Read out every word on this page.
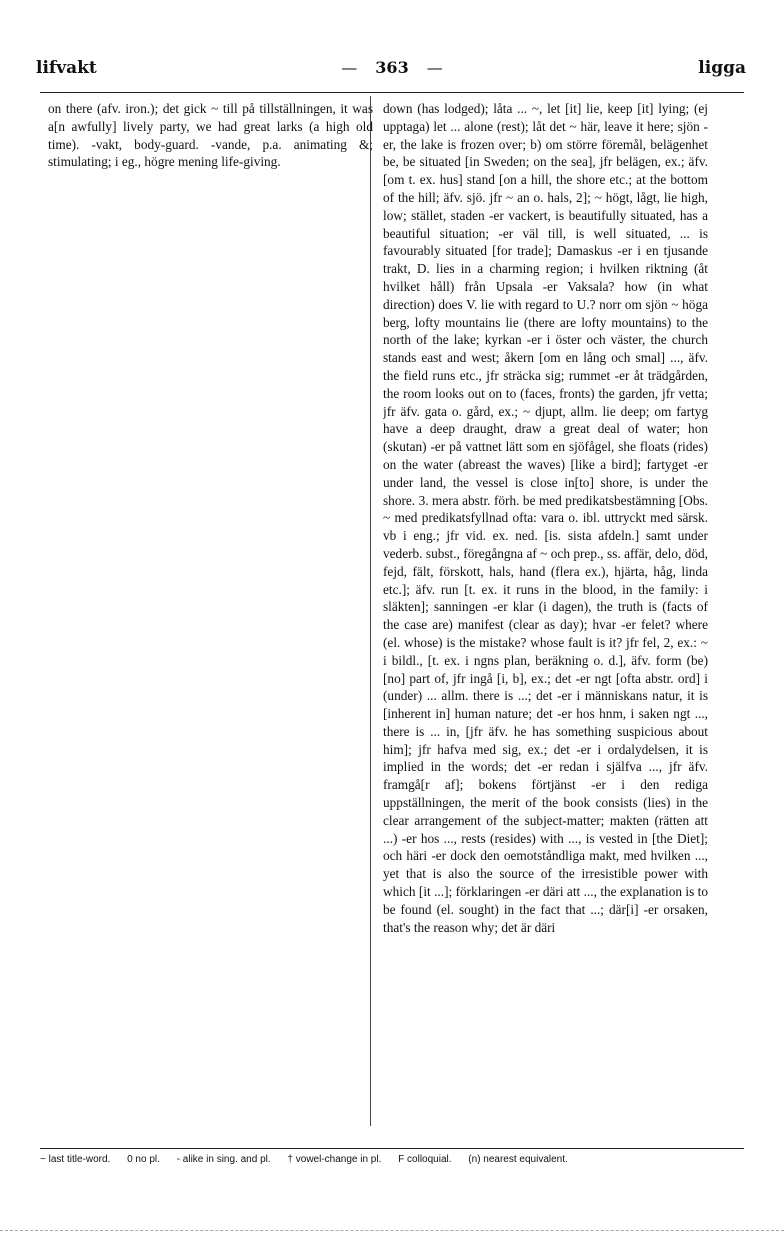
lifvakt	— 363 —	ligga

on there (afv. iron.); det gick ~ till på tillställningen, it was a[n awfully] lively party, we had great larks (a high old time). -vakt, body-guard. -vande, p.a. animating &; stimulating; i eg., högre mening life-giving.

down (has lodged); låta ... ~, let [it] lie, keep [it] lying; (ej upptaga) let ... alone (rest); låt det ~ här, leave it here; sjön -er, the lake is frozen over; b) om större föremål, belägenhet be, be situated [in Sweden; on the sea], jfr belägen, ex.; äfv. [om t. ex. hus] stand [on a hill, the shore etc.; at the bottom of the hill; äfv. sjö. jfr ~ an o. hals, 2]; ~ högt, lågt, lie high, low; stället, staden -er vackert, is beautifully situated, has a beautiful situation; -er väl till, is well situated, ... is favourably situated [for trade]; Damaskus -er i en tjusande trakt, D. lies in a charming region; i hvilken riktning (åt hvilket håll) från Upsala -er Vaksala? how (in what direction) does V. lie with regard to U.? norr om sjön ~ höga berg, lofty mountains lie (there are lofty mountains) to the north of the lake; kyrkan -er i öster och väster, the church stands east and west; åkern [om en lång och smal] ..., äfv. the field runs etc., jfr sträcka sig; rummet -er åt trädgården, the room looks out on to (faces, fronts) the garden, jfr vetta; jfr äfv. gata o. gård, ex.; ~ djupt, allm. lie deep; om fartyg have a deep draught, draw a great deal of water; hon (skutan) -er på vattnet lätt som en sjöfågel, she floats (rides) on the water (abreast the waves) [like a bird]; fartyget -er under land, the vessel is close in[to] shore, is under the shore. 3. mera abstr. förh. be med predikatsbestämning [Obs. ~ med predikatsfyllnad ofta: vara o. ibl. uttryckt med särsk. vb i eng.; jfr vid. ex. ned. [is. sista afdeln.] samt under vederb. subst., föregångna af ~ och prep., ss. affär, delo, död, fejd, fält, förskott, hals, hand (flera ex.), hjärta, håg, linda etc.]; äfv. run [t. ex. it runs in the blood, in the family: i släkten]; sanningen -er klar (i dagen), the truth is (facts of the case are) manifest (clear as day); hvar -er felet? where (el. whose) is the mistake? whose fault is it? jfr fel, 2, ex.: ~ i bildl., [t. ex. i ngns plan, beräkning o. d.], äfv. form (be) [no] part of, jfr ingå [i, b], ex.; det -er ngt [ofta abstr. ord] i (under) ... allm. there is ...; det -er i människans natur, it is [inherent in] human nature; det -er hos hnm, i saken ngt ..., there is ... in, [jfr äfv. he has something suspicious about him]; jfr hafva med sig, ex.; det -er i ordalydelsen, it is implied in the words; det -er redan i själfva ..., jfr äfv. framgå[r af]; bokens förtjänst -er i den rediga uppställningen, the merit of the book consists (lies) in the clear arrangement of the subject-matter; makten (rätten att ...) -er hos ..., rests (resides) with ..., is vested in [the Diet]; och häri -er dock den oemotståndliga makt, med hvilken ..., yet that is also the source of the irresistible power with which [it ...]; förklaringen -er däri att ..., the explanation is to be found (el. sought) in the fact that ...; där[i] -er orsaken, that's the reason why; det är däri

~ last title-word. 0 no pl. - alike in sing. and pl. † vowel-change in pl. F colloquial. (n) nearest equivalent.
